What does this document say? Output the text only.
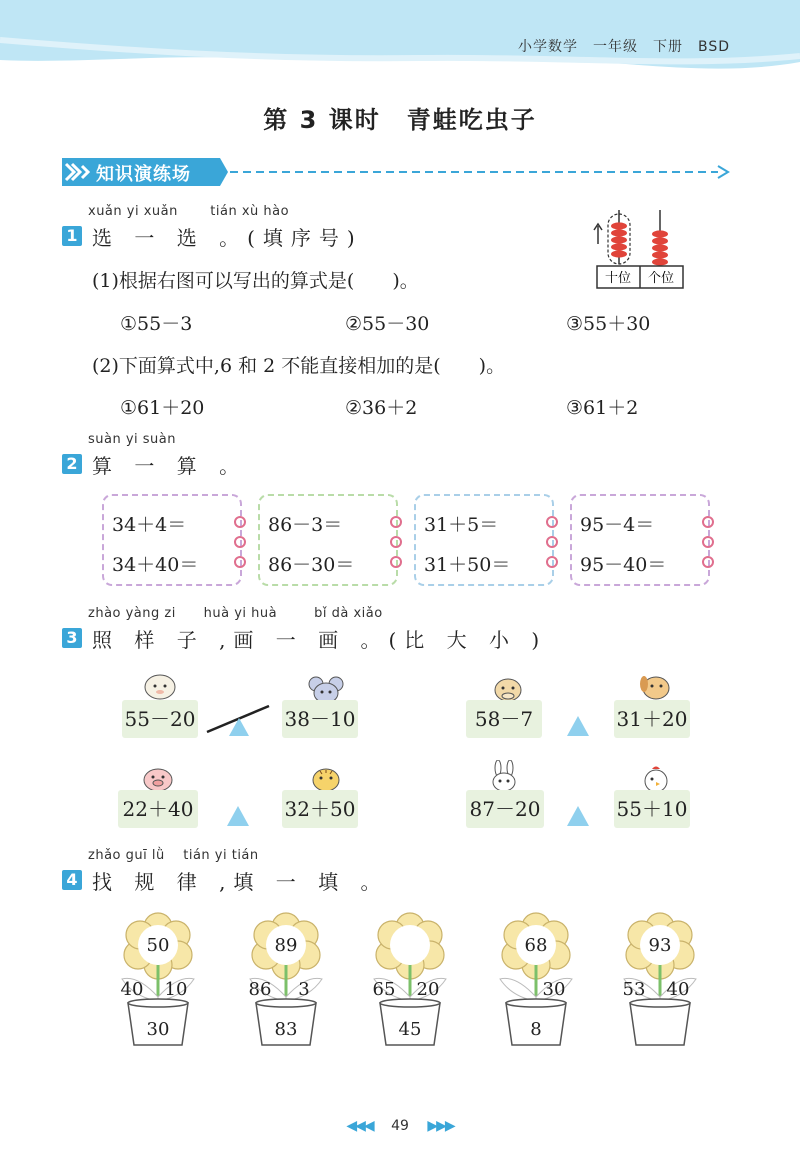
小学数学　一年级　下册　BSD
第 3 课时　青蛙吃虫子
知识演练场
xuǎn yi xuǎn       tián xù hào
1 选 一 选 。(填序号)
十位 个位
(1)根据右图可以写出的算式是(　　)。
①55－3	②55－30	③55＋30
(2)下面算式中,6 和 2 不能直接相加的是(　　)。
①61＋20	②36＋2	③61＋2
suàn yi suàn
2 算 一 算 。
34＋4＝
34＋40＝
86－3＝
86－30＝
31＋5＝
31＋50＝
95－4＝
95－40＝
zhào yàng zi      huà yi huà        bǐ dà xiǎo
3 照 样 子 ,画 一 画 。(比 大 小 )
55－20	38－10	58－7	31＋20
22＋40	32＋50	87－20	55＋10
zhǎo guī lǜ    tián yi tián
4 找 规 律 ,填 一 填 。
50
40	10
30
89
86	3
83
65	20
45
68
30
8
93
53	40
◀◀◀ 49 ▶▶▶
